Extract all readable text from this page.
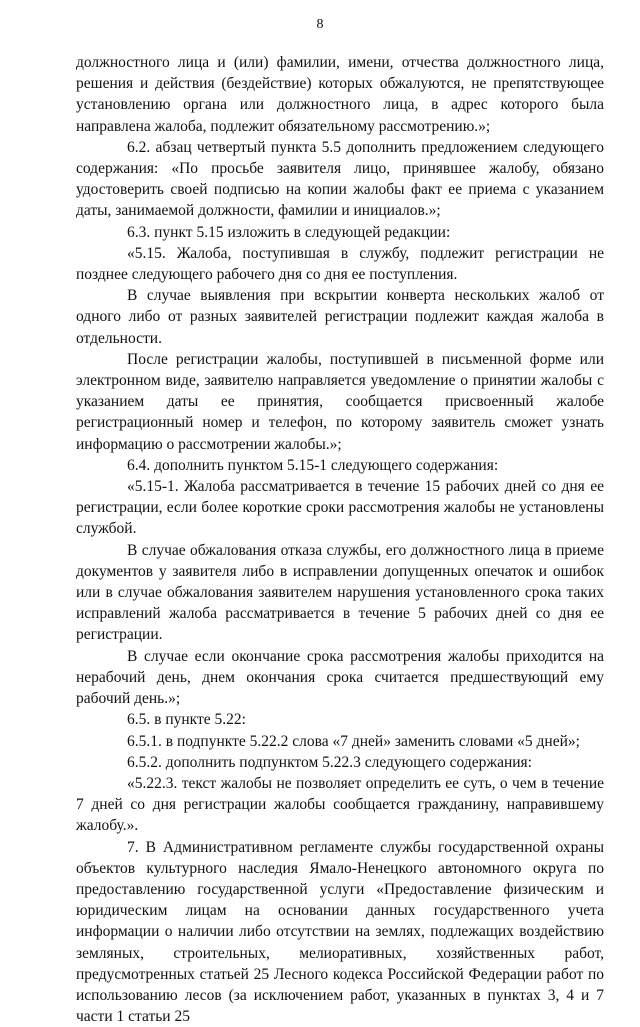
8

должностного лица и (или) фамилии, имени, отчества должностного лица, решения и действия (бездействие) которых обжалуются, не препятствующее установлению органа или должностного лица, в адрес которого была направлена жалоба, подлежит обязательному рассмотрению.»;

6.2. абзац четвертый пункта 5.5 дополнить предложением следующего содержания: «По просьбе заявителя лицо, принявшее жалобу, обязано удостоверить своей подписью на копии жалобы факт ее приема с указанием даты, занимаемой должности, фамилии и инициалов.»;

6.3. пункт 5.15 изложить в следующей редакции:

«5.15. Жалоба, поступившая в службу, подлежит регистрации не позднее следующего рабочего дня со дня ее поступления.

В случае выявления при вскрытии конверта нескольких жалоб от одного либо от разных заявителей регистрации подлежит каждая жалоба в отдельности.

После регистрации жалобы, поступившей в письменной форме или электронном виде, заявителю направляется уведомление о принятии жалобы с указанием даты ее принятия, сообщается присвоенный жалобе регистрационный номер и телефон, по которому заявитель сможет узнать информацию о рассмотрении жалобы.»;

6.4. дополнить пунктом 5.15-1 следующего содержания:

«5.15-1. Жалоба рассматривается в течение 15 рабочих дней со дня ее регистрации, если более короткие сроки рассмотрения жалобы не установлены службой.

В случае обжалования отказа службы, его должностного лица в приеме документов у заявителя либо в исправлении допущенных опечаток и ошибок или в случае обжалования заявителем нарушения установленного срока таких исправлений жалоба рассматривается в течение 5 рабочих дней со дня ее регистрации.

В случае если окончание срока рассмотрения жалобы приходится на нерабочий день, днем окончания срока считается предшествующий ему рабочий день.»;

6.5. в пункте 5.22:

6.5.1. в подпункте 5.22.2 слова «7 дней» заменить словами «5 дней»;

6.5.2. дополнить подпунктом 5.22.3 следующего содержания:

«5.22.3. текст жалобы не позволяет определить ее суть, о чем в течение 7 дней со дня регистрации жалобы сообщается гражданину, направившему жалобу.».

7. В Административном регламенте службы государственной охраны объектов культурного наследия Ямало-Ненецкого автономного округа по предоставлению государственной услуги «Предоставление физическим и юридическим лицам на основании данных государственного учета информации о наличии либо отсутствии на землях, подлежащих воздействию земляных, строительных, мелиоративных, хозяйственных работ, предусмотренных статьей 25 Лесного кодекса Российской Федерации работ по использованию лесов (за исключением работ, указанных в пунктах 3, 4 и 7 части 1 статьи 25
